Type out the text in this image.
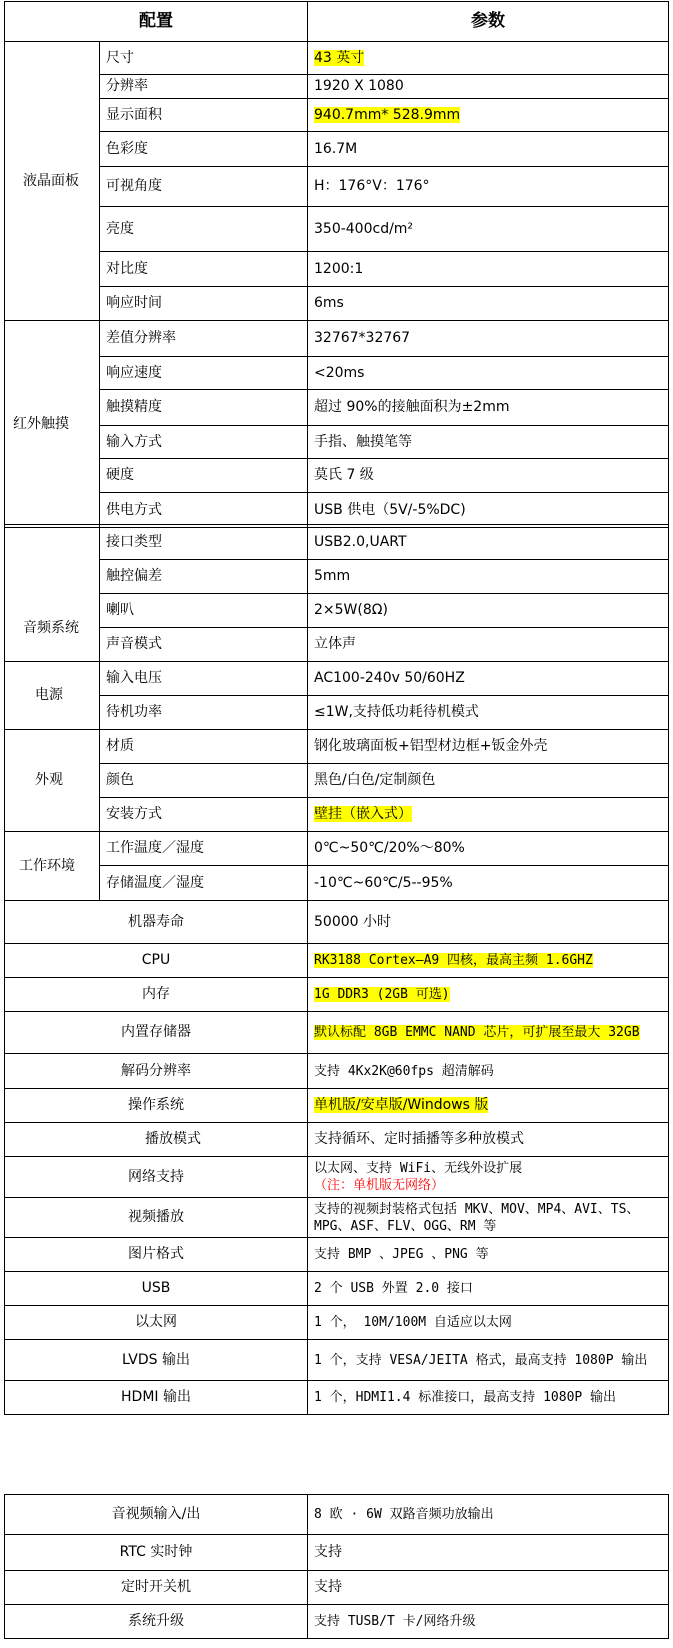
配置		参数
液晶面板	尺寸	43 英寸
	分辨率	1920 X 1080
	显示面积	940.7mm* 528.9mm
	色彩度	16.7M
	可视角度	H：176°V：176°
	亮度	350-400cd/m²
	对比度	1200:1
	响应时间	6ms
红外触摸	差值分辨率	32767*32767
	响应速度	<20ms
	触摸精度	超过 90%的接触面积为±2mm
	输入方式	手指、触摸笔等
	硬度	莫氏 7 级
	供电方式	USB 供电（5V/-5%DC)
音频系统	接口类型	USB2.0,UART
	触控偏差	5mm
	喇叭	2×5W(8Ω)
	声音模式	立体声
电源	输入电压	AC100-240v 50/60HZ
	待机功率	≤1W,支持低功耗待机模式
外观	材质	钢化玻璃面板+铝型材边框+钣金外壳
	颜色	黑色/白色/定制颜色
	安装方式	壁挂（嵌入式）
工作环境	工作温度／湿度	0℃~50℃/20%～80%
	存储温度／湿度	-10℃~60℃/5--95%
机器寿命		50000 小时
CPU		RK3188 Cortex—A9 四核，最高主频 1.6GHZ
内存		1G DDR3 (2GB 可选)
内置存储器		默认标配 8GB EMMC NAND 芯片，可扩展至最大 32GB
解码分辨率		支持 4Kx2K@60fps 超清解码
操作系统		单机版/安卓版/Windows 版
播放模式		支持循环、定时插播等多种放模式
网络支持		以太网、支持 WiFi、无线外设扩展
（注：单机版无网络）

视频播放		支持的视频封装格式包括 MKV、MOV、MP4、AVI、TS、MPG、ASF、FLV、OGG、RM 等
图片格式		支持 BMP 、JPEG 、PNG 等
USB		2 个 USB 外置 2.0 接口
以太网		1 个， 10M/100M 自适应以太网
LVDS 输出		1 个，支持 VESA/JEITA 格式，最高支持 1080P 输出
HDMI 输出		1 个，HDMI1.4 标准接口，最高支持 1080P 输出
音视频输入/出	8 欧 · 6W 双路音频功放输出
RTC 实时钟	支持
定时开关机	支持
系统升级	支持 TUSB/T 卡/网络升级
